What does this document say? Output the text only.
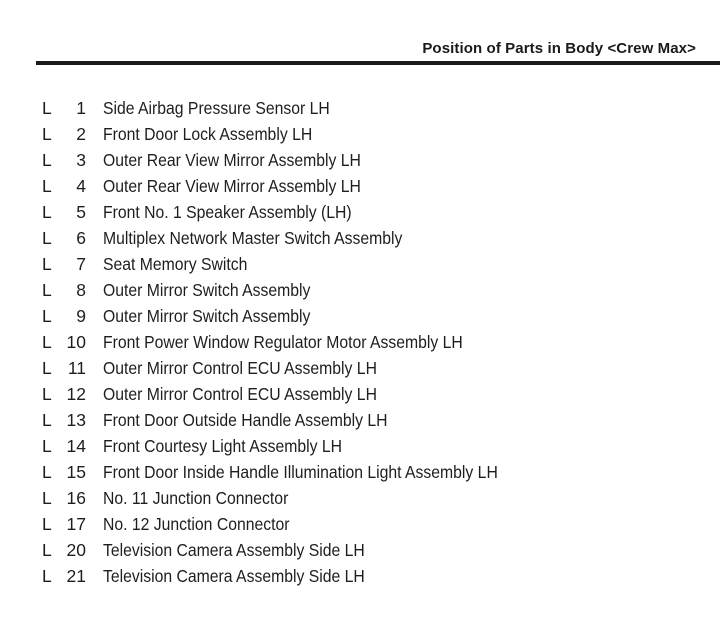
Position of Parts in Body <Crew Max>
L 1 Side Airbag Pressure Sensor LH
L 2 Front Door Lock Assembly LH
L 3 Outer Rear View Mirror Assembly LH
L 4 Outer Rear View Mirror Assembly LH
L 5 Front No. 1 Speaker Assembly (LH)
L 6 Multiplex Network Master Switch Assembly
L 7 Seat Memory Switch
L 8 Outer Mirror Switch Assembly
L 9 Outer Mirror Switch Assembly
L 10 Front Power Window Regulator Motor Assembly LH
L 11 Outer Mirror Control ECU Assembly LH
L 12 Outer Mirror Control ECU Assembly LH
L 13 Front Door Outside Handle Assembly LH
L 14 Front Courtesy Light Assembly LH
L 15 Front Door Inside Handle Illumination Light Assembly LH
L 16 No. 11 Junction Connector
L 17 No. 12 Junction Connector
L 20 Television Camera Assembly Side LH
L 21 Television Camera Assembly Side LH
